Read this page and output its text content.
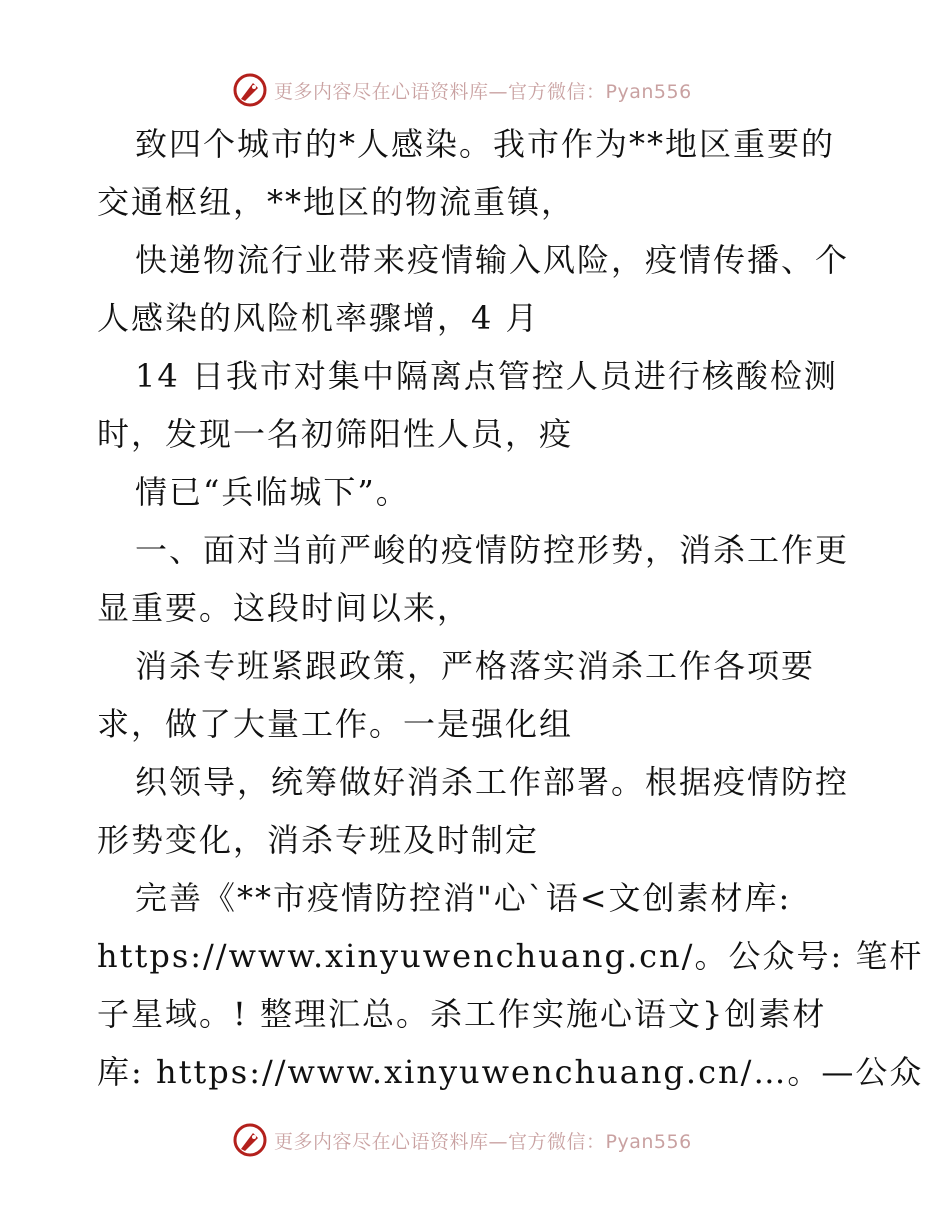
更多内容尽在心语资料库—官方微信：Pyan556
致四个城市的*人感染。我市作为**地区重要的
交通枢纽，**地区的物流重镇，
快递物流行业带来疫情输入风险，疫情传播、个
人感染的风险机率骤增，4 月
14 日我市对集中隔离点管控人员进行核酸检测
时，发现一名初筛阳性人员，疫
情已“兵临城下”。
一、面对当前严峻的疫情防控形势，消杀工作更
显重要。这段时间以来，
消杀专班紧跟政策，严格落实消杀工作各项要
求，做了大量工作。一是强化组
织领导，统筹做好消杀工作部署。根据疫情防控
形势变化，消杀专班及时制定
完善《**市疫情防控消"心`语<文创素材库:
https://www.xinyuwenchuang.cn/。公众号: 笔杆
子星域。! 整理汇总。杀工作实施心语文}创素材
库: https://www.xinyuwenchuang.cn/…。—公众
更多内容尽在心语资料库—官方微信：Pyan556
